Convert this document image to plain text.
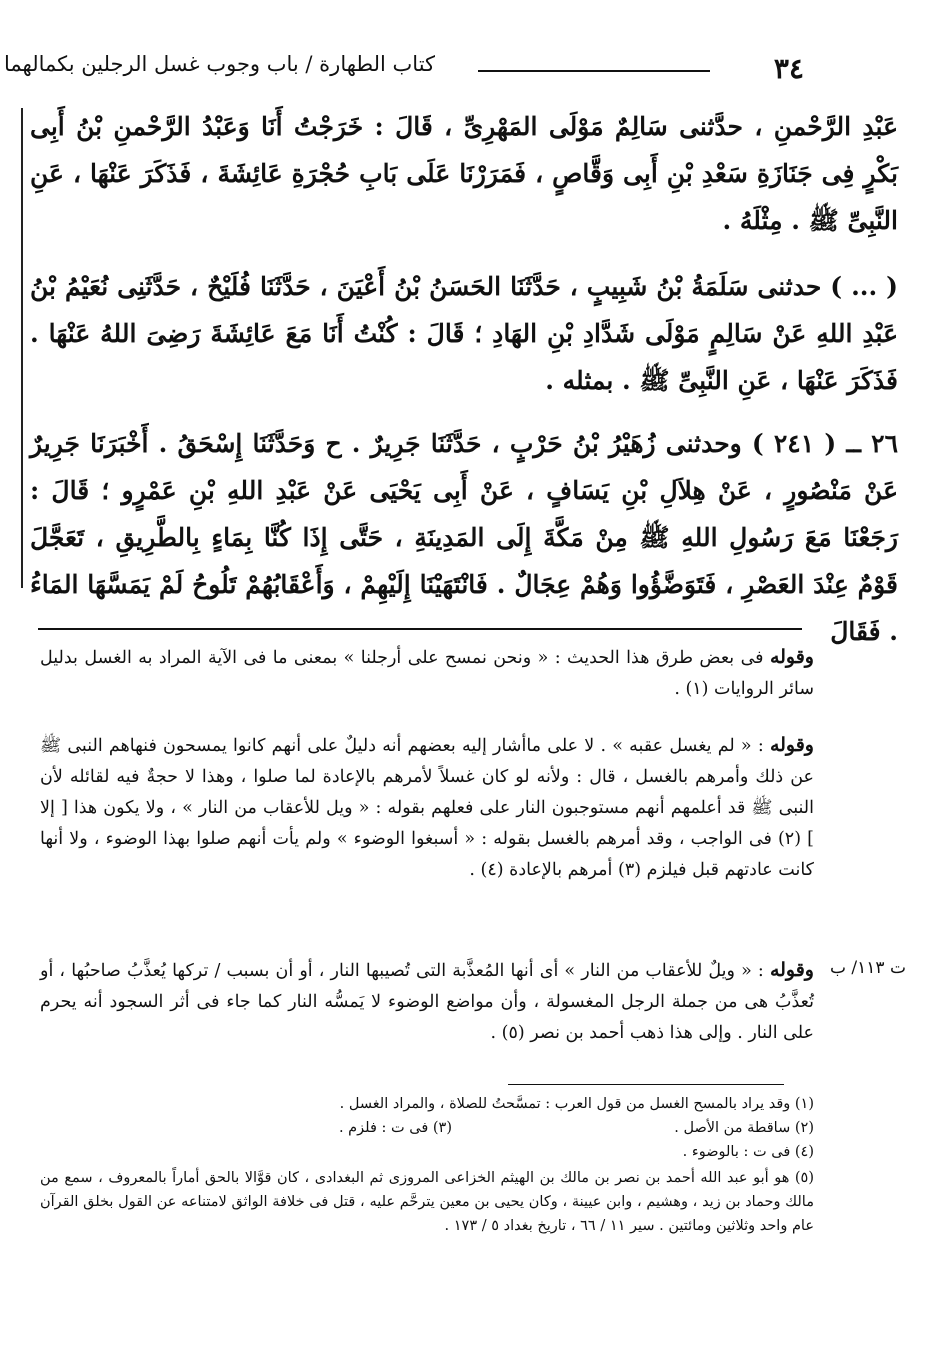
٣٤
كتاب الطهارة / باب وجوب غسل الرجلين بكمالهما

عَبْدِ الرَّحْمنِ ، حدَّثنى سَالِمٌ مَوْلَى المَهْرِىِّ ، قَالَ : خَرَجْتُ أَنَا وَعَبْدُ الرَّحْمنِ بْنُ أَبِى بَكْرٍ فِى جَنَازَةِ سَعْدِ بْنِ أَبِى وَقَّاصٍ ، فَمَرَرْنَا عَلَى بَابِ حُجْرَةِ عَائِشَةَ ، فَذَكَرَ عَنْهَا ، عَنِ النَّبِىِّ ﷺ . مِثْلَهُ .

( ... ) حدثنى سَلَمَةُ بْنُ شَبِيبٍ ، حَدَّثَنَا الحَسَنُ بْنُ أَعْيَنَ ، حَدَّثَنَا فُلَيْحٌ ، حَدَّثَنِى نُعَيْمُ بْنُ عَبْدِ اللهِ عَنْ سَالِمٍ مَوْلَى شَدَّادِ بْنِ الهَادِ ؛ قَالَ : كُنْتُ أَنَا مَعَ عَائِشَةَ رَضِىَ اللهُ عَنْهَا . فَذَكَرَ عَنْهَا ، عَنِ النَّبِىِّ ﷺ . بمثله .

٢٦ ــ ( ٢٤١ ) وحدثنى زُهَيْرُ بْنُ حَرْبٍ ، حَدَّثَنَا جَرِيرٌ . ح وَحَدَّثَنَا إِسْحَقُ . أَخْبَرَنَا جَرِيرٌ عَنْ مَنْصُورٍ ، عَنْ هِلاَلِ بْنِ يَسَافٍ ، عَنْ أَبِى يَحْيَى عَنْ عَبْدِ اللهِ بْنِ عَمْرٍو ؛ قَالَ : رَجَعْنَا مَعَ رَسُولِ اللهِ ﷺ مِنْ مَكَّةَ إِلَى المَدِينَةِ ، حَتَّى إِذَا كُنَّا بِمَاءٍ بِالطَّرِيقِ ، تَعَجَّلَ قَوْمٌ عِنْدَ العَصْرِ ، فَتَوَضَّؤُوا وَهُمْ عِجَالٌ . فَانْتَهَيْنَا إِلَيْهِمْ ، وَأَعْقَابُهُمْ تَلُوحُ لَمْ يَمَسَّهَا المَاءُ . فَقَالَ

وقوله فى بعض طرق هذا الحديث : « ونحن نمسح على أرجلنا » بمعنى ما فى الآية المراد به الغسل بدليل سائر الروايات (١) .

وقوله : « لم يغسل عقبه » . لا على ماأشار إليه بعضهم أنه دليلٌ على أنهم كانوا يمسحون فنهاهم النبى ﷺ عن ذلك وأمرهم بالغسل ، قال : ولأنه لو كان غسلاً لأمرهم بالإعادة لما صلوا ، وهذا لا حجةٌ فيه لقائله لأن النبى ﷺ قد أعلمهم أنهم مستوجبون النار على فعلهم بقوله : « ويل للأعقاب من النار » ، ولا يكون هذا [ إلا ] (٢) فى الواجب ، وقد أمرهم بالغسل بقوله : « أسبغوا الوضوء » ولم يأت أنهم صلوا بهذا الوضوء ، ولا أنها كانت عادتهم قبل فيلزم (٣) أمرهم بالإعادة (٤) .

وقوله : « ويلٌ للأعقاب من النار » أى أنها المُعذَّبة التى تُصيبها النار ، أو أن بسبب / تركها يُعذَّبُ صاحبُها ، أو تُعذَّبُ هى من جملة الرجل المغسولة ، وأن مواضع الوضوء لا يَمسُّه النار كما جاء فى أثر السجود أنه يحرم على النار . وإلى هذا ذهب أحمد بن نصر (٥) .

ت ١١٣/ ب

(١) وقد يراد بالمسح الغسل من قول العرب : تمسَّحتُ للصلاة ، والمراد الغسل .

(٢) ساقطة من الأصل .

(٣) فى ت : فلزم .

(٤) فى ت : بالوضوء .

(٥) هو أبو عبد الله أحمد بن نصر بن مالك بن الهيثم الخزاعى المروزى ثم البغدادى ، كان قوَّالا بالحق أماراً بالمعروف ، سمع من مالك وحماد بن زيد ، وهشيم ، وابن عيينة ، وكان يحيى بن معين يترحَّم عليه ، قتل فى خلافة الواثق لامتناعه عن القول بخلق القرآن عام واحد وثلاثين ومائتين . سير ١١ / ٦٦ ، تاريخ بغداد ٥ / ١٧٣ .
